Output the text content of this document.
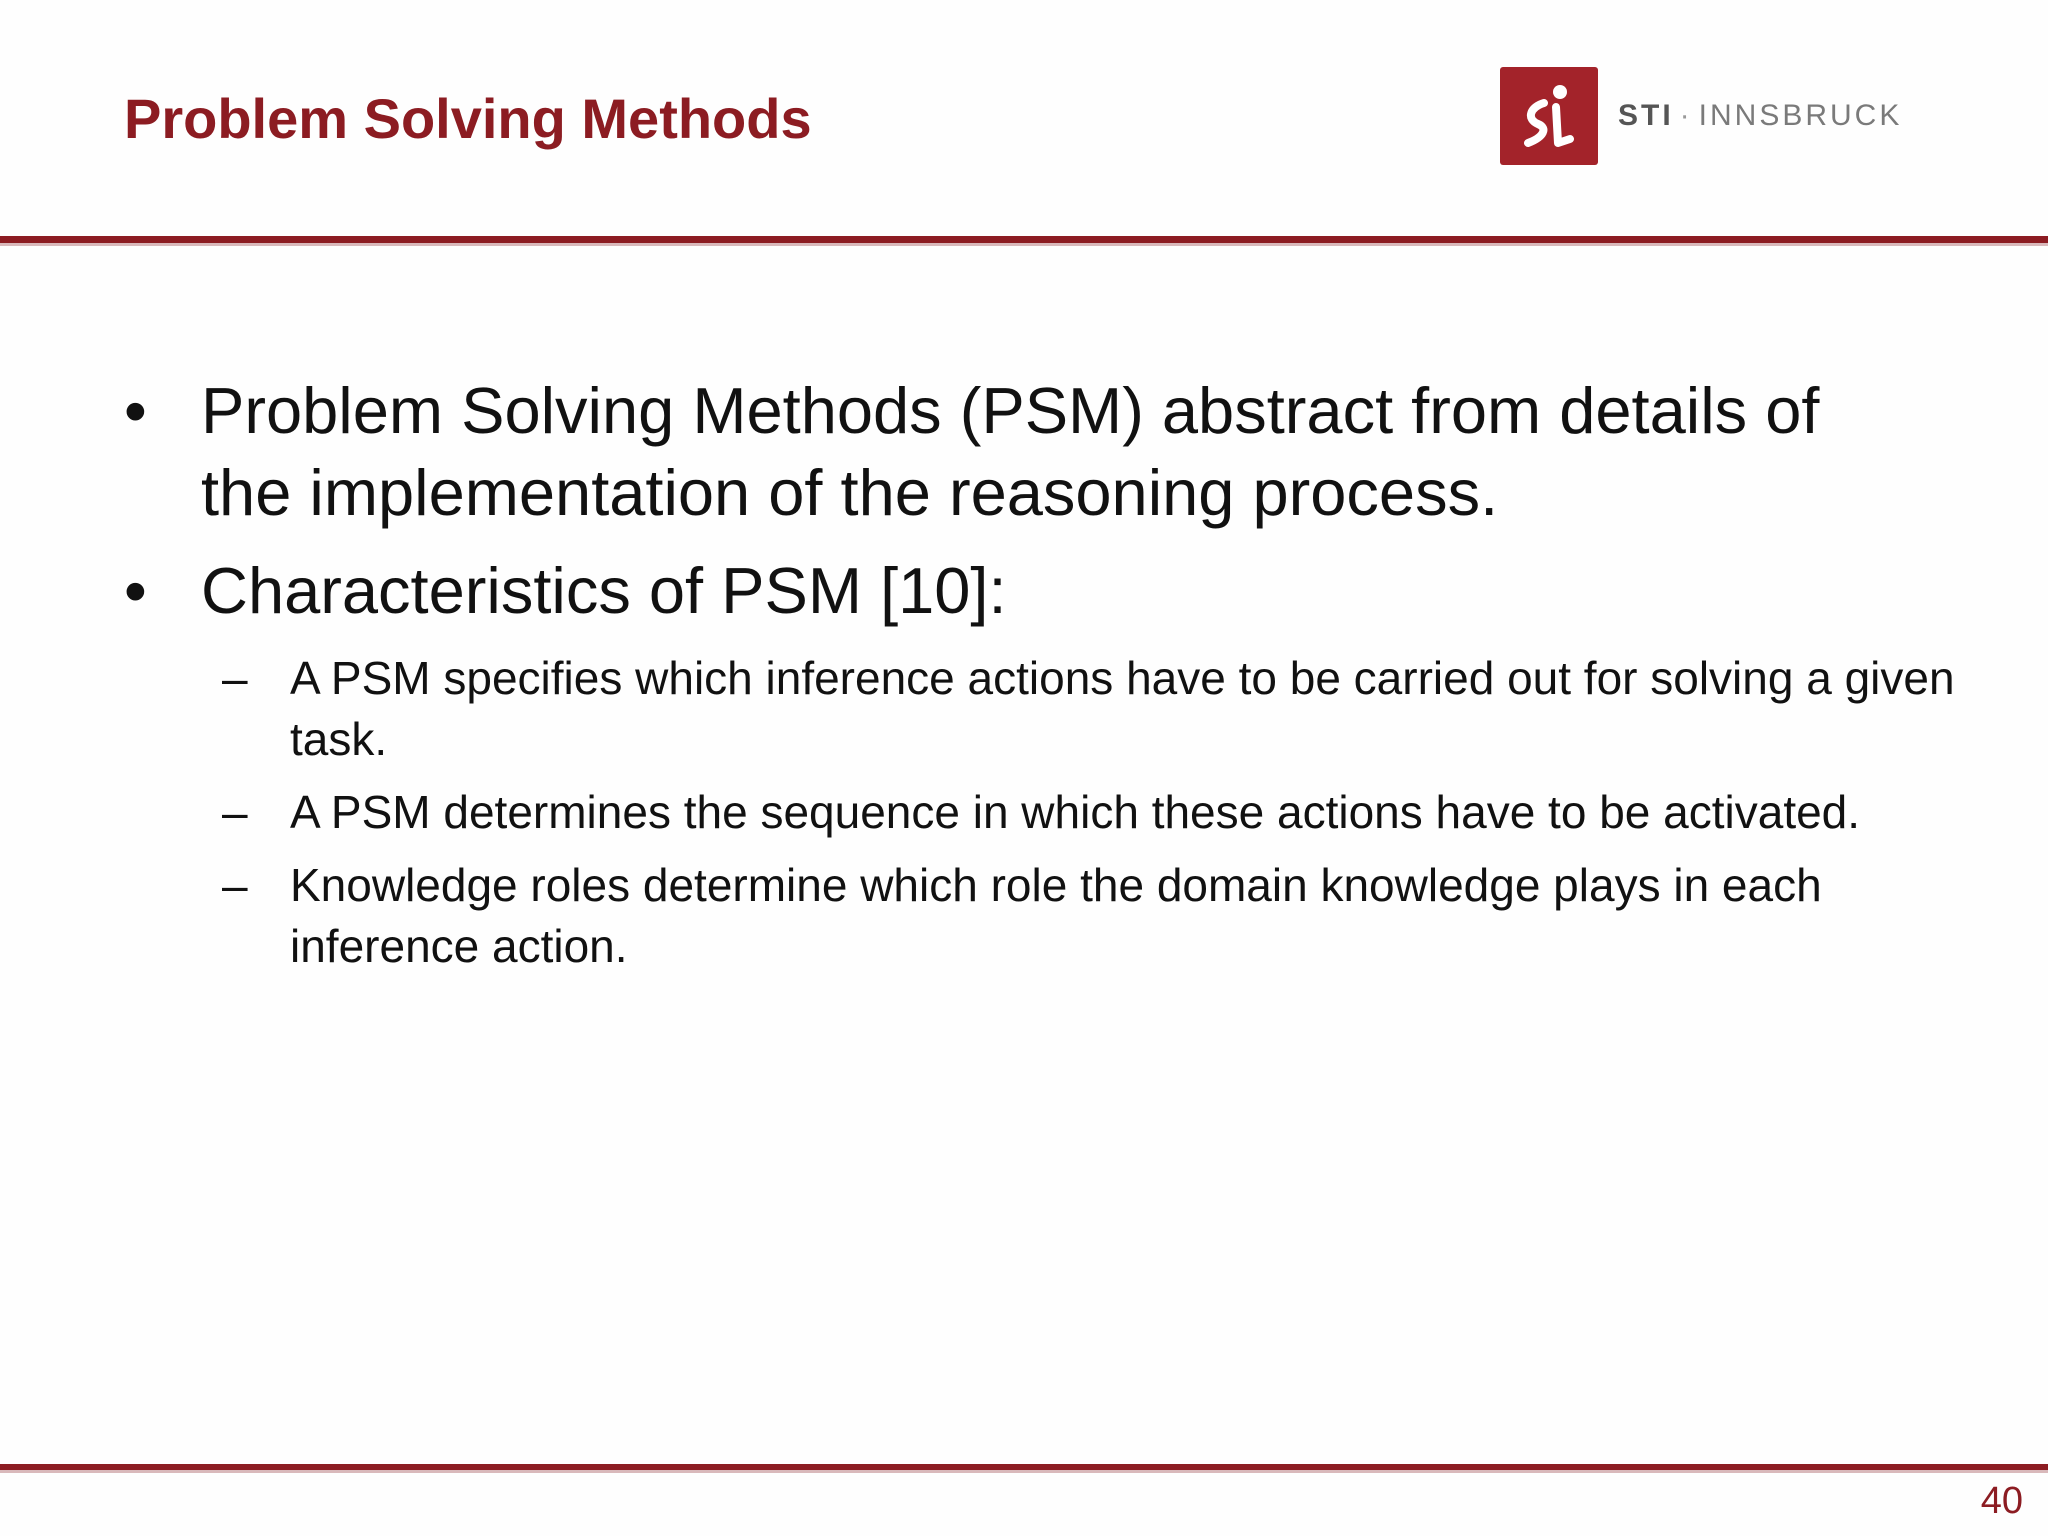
Problem Solving Methods	STI · INNSBRUCK
• Problem Solving Methods (PSM) abstract from details of the implementation of the reasoning process.
• Characteristics of PSM [10]:
– A PSM specifies which inference actions have to be carried out for solving a given task.
– A PSM determines the sequence in which these actions have to be activated.
– Knowledge roles determine which role the domain knowledge plays in each inference action.
40
